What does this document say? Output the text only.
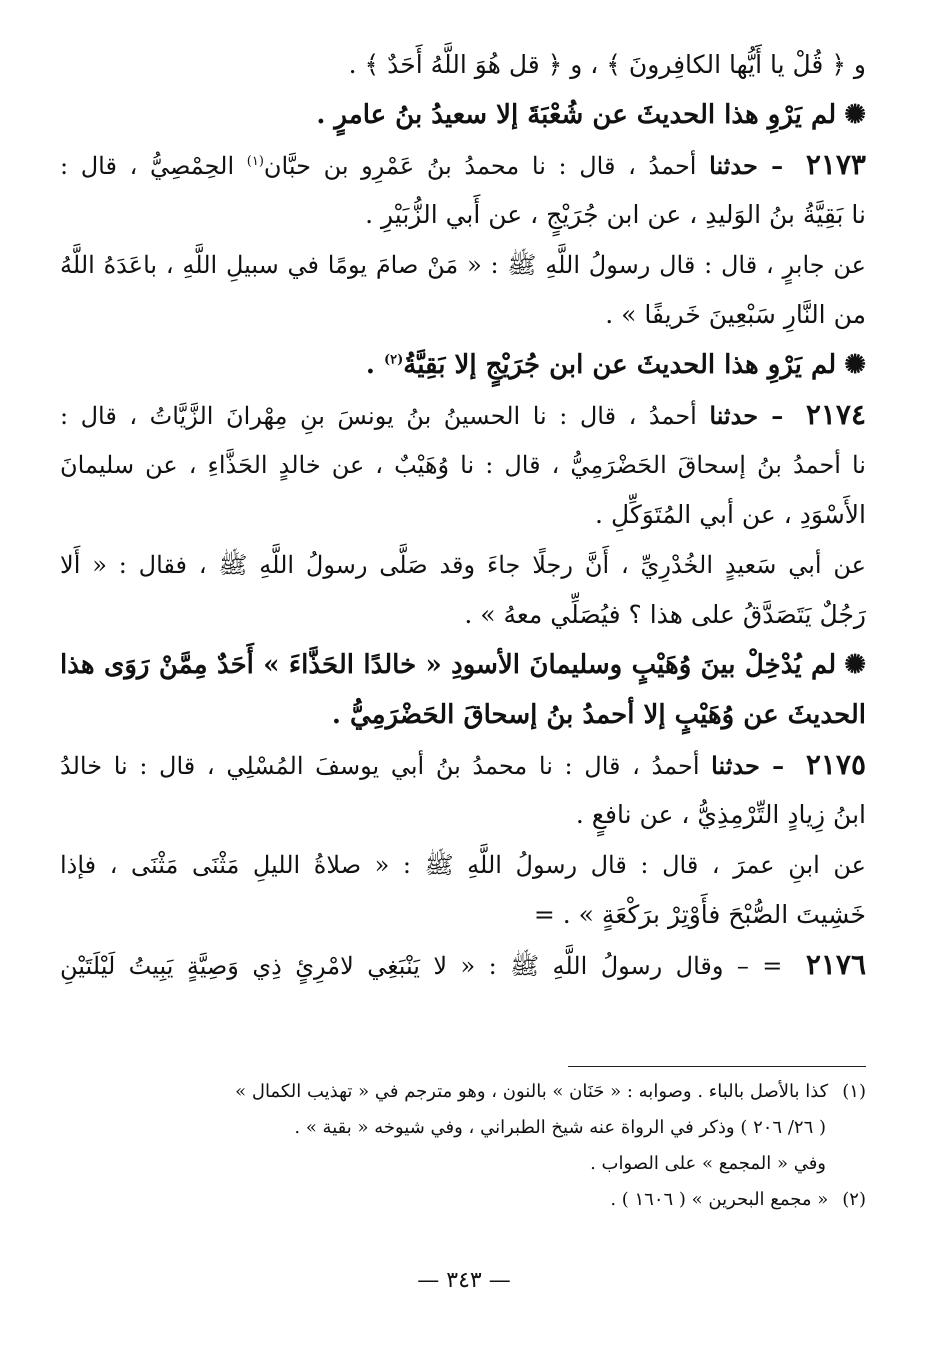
و ﴿ قُلْ يا أَيُّها الكافِرونَ ﴾ ، و ﴿ قل هُوَ اللَّهُ أَحَدٌ ﴾ .
✺لم يَرْوِ هذا الحديثَ عن شُعْبَةَ إلا سعيدُ بنُ عامرٍ .
٢١٧٣ – حدثنا أحمدُ ، قال : نا محمدُ بنُ عَمْرِو بن حبَّان$^{(١)}$ الحِمْصِيُّ ، قال :
نا بَقِيَّةُ بنُ الوَليدِ ، عن ابن جُرَيْجٍ ، عن أَبي الزُّبَيْرِ .
عن جابرٍ ، قال : قال رسولُ اللَّهِ ﷺ : « مَنْ صامَ يومًا في سبيلِ اللَّهِ ، باعَدَهُ اللَّهُ
من النَّارِ سَبْعِينَ خَريفًا » .
✺لم يَرْوِ هذا الحديثَ عن ابن جُرَيْجٍ إلا بَقِيَّةُ$^{(٢)}$ .
٢١٧٤ – حدثنا أحمدُ ، قال : نا الحسينُ بنُ يونسَ بنِ مِهْرانَ الزَّيَّاتُ ، قال :
نا أحمدُ بنُ إسحاقَ الحَضْرَمِيُّ ، قال : نا وُهَيْبٌ ، عن خالدٍ الحَذَّاءِ ، عن سليمانَ
الأَسْوَدِ ، عن أبي المُتَوَكِّلِ .
عن أبي سَعيدٍ الخُدْرِيِّ ، أَنَّ رجلًا جاءَ وقد صَلَّى رسولُ اللَّهِ ﷺ ، فقال : « أَلا
رَجُلٌ يَتَصَدَّقُ على هذا ؟ فيُصَلِّي معهُ » .
✺لم يُدْخِلْ بينَ وُهَيْبٍ وسليمانَ الأسودِ « خالدًا الحَذَّاءَ » أَحَدٌ مِمَّنْ رَوَى هذا
الحديثَ عن وُهَيْبٍ إلا أحمدُ بنُ إسحاقَ الحَضْرَمِيُّ .
٢١٧٥ – حدثنا أحمدُ ، قال : نا محمدُ بنُ أبي يوسفَ المُسْلِي ، قال : نا خالدُ
ابنُ زِيادٍ التِّرْمِذِيُّ ، عن نافعٍ .
عن ابنِ عمرَ ، قال : قال رسولُ اللَّهِ ﷺ : « صلاةُ الليلِ مَثْنَى مَثْنَى ، فإذا
خَشِيتَ الصُّبْحَ فأَوْتِرْ برَكْعَةٍ » . =
٢١٧٦ = – وقال رسولُ اللَّهِ ﷺ : « لا يَنْبَغِي لامْرِئٍ ذِي وَصِيَّةٍ يَبِيتُ لَيْلَتَيْنِ
(١)كذا بالأصل بالباء . وصوابه : « حَنَان » بالنون ، وهو مترجم في « تهذيب الكمال »
( ٢٦/ ٢٠٦ ) وذكر في الرواة عنه شيخ الطبراني ، وفي شيوخه « بقية » .
وفي « المجمع » على الصواب .
(٢)« مجمع البحرين » ( ١٦٠٦ ) .
— ٣٤٣ —
